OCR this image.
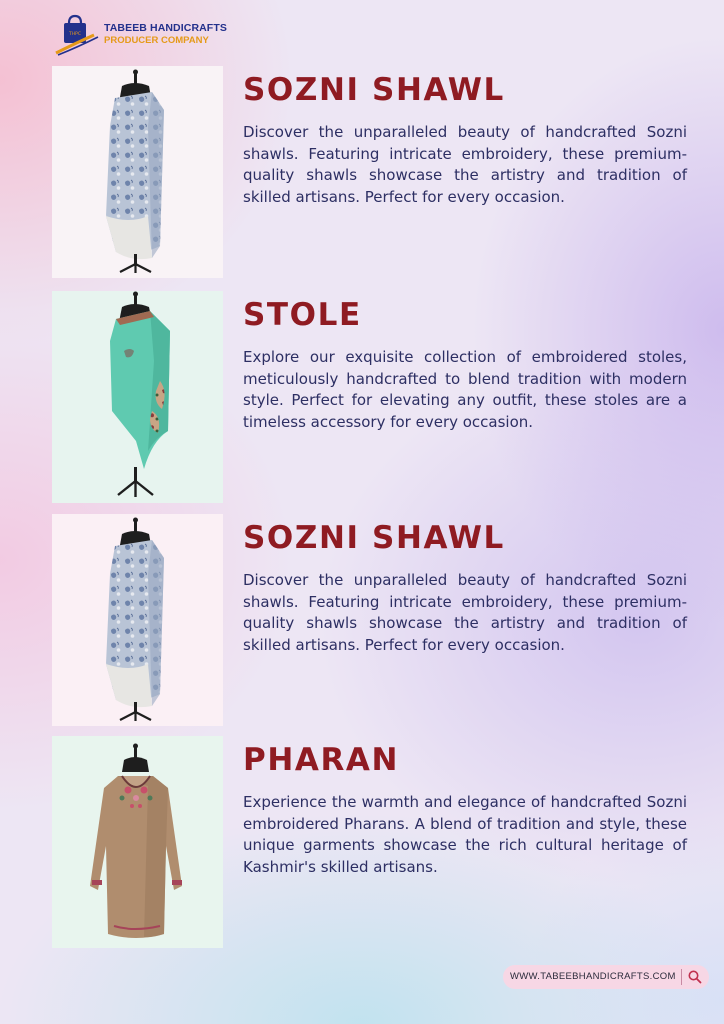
THPC
TABEEB HANDICRAFTS
PRODUCER COMPANY
SOZNI SHAWL

Discover the unparalleled beauty of handcrafted Sozni shawls. Featuring intricate embroidery, these premium-quality shawls showcase the artistry and tradition of skilled artisans. Perfect for every occasion.

STOLE

Explore our exquisite collection of embroidered stoles, meticulously handcrafted to blend tradition with modern style. Perfect for elevating any outfit, these stoles are a timeless accessory for every occasion.

SOZNI SHAWL

Discover the unparalleled beauty of handcrafted Sozni shawls. Featuring intricate embroidery, these premium-quality shawls showcase the artistry and tradition of skilled artisans. Perfect for every occasion.

PHARAN

Experience the warmth and elegance of handcrafted Sozni embroidered Pharans. A blend of tradition and style, these unique garments showcase the rich cultural heritage of Kashmir's skilled artisans.

WWW.TABEEBHANDICRAFTS.COM
